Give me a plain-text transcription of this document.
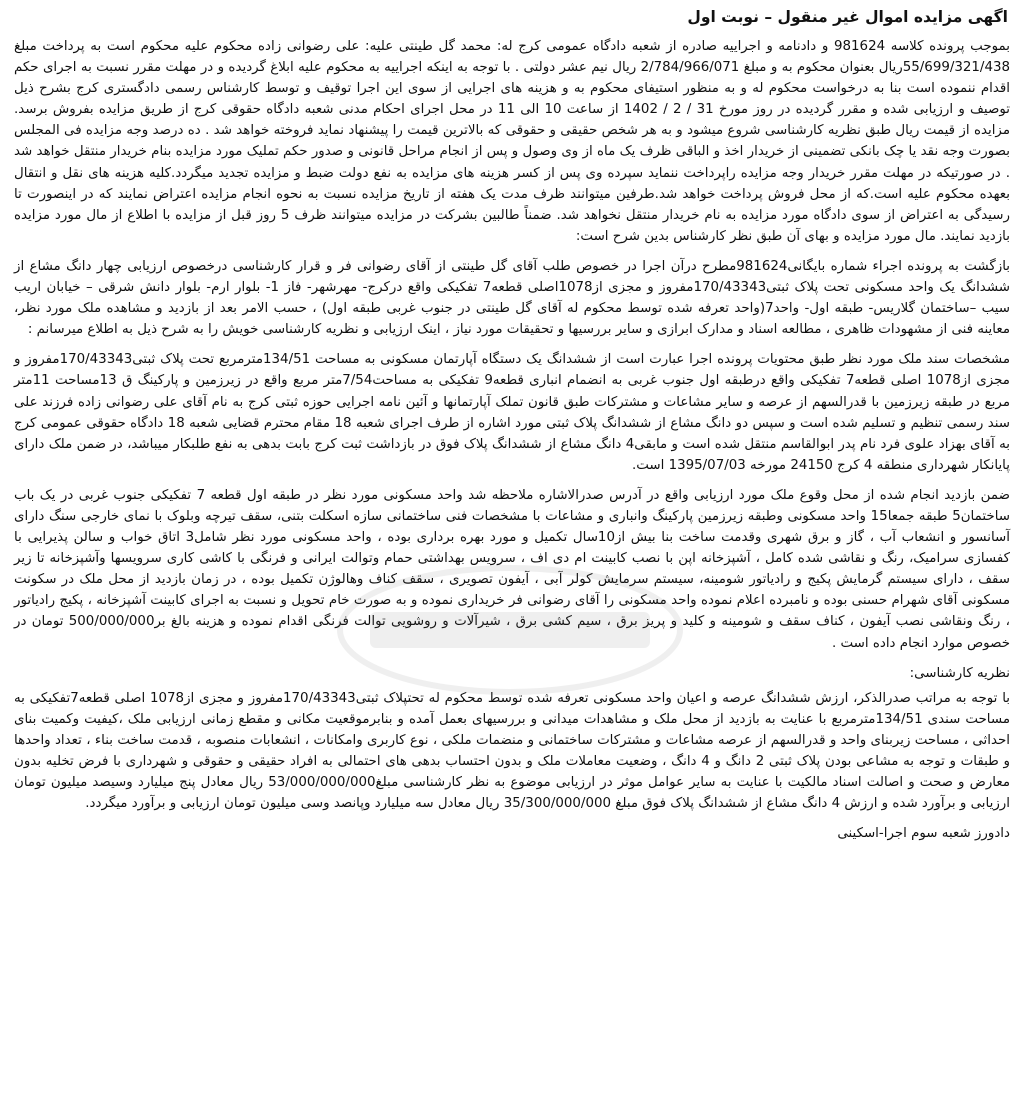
اگهی مزایده اموال غیر منقول – نوبت اول

بموجب پرونده کلاسه 981624 و دادنامه و اجراییه صادره از شعبه دادگاه عمومی کرج له: محمد گل طینتی علیه: علی رضوانی زاده محکوم علیه محکوم است به پرداخت مبلغ 55/699/321/438ریال بعنوان محکوم به و مبلغ 2/784/966/071 ریال نیم عشر دولتی . با توجه به اینکه اجراییه به محکوم علیه ابلاغ گردیده و در مهلت مقرر نسبت به اجرای حکم اقدام ننموده است بنا به درخواست محکوم له و به منظور استیفای محکوم به و هزینه های اجرایی از سوی این اجرا توقیف و توسط کارشناس رسمی دادگستری کرج بشرح ذیل توصیف و ارزیابی شده و مقرر گردیده در روز مورخ 31 / 2 / 1402 از ساعت 10 الی 11 در محل اجرای احکام مدنی شعبه دادگاه حقوقی کرج از طریق مزایده بفروش برسد. مزایده از قیمت ریال طبق نظریه کارشناسی شروع میشود و به هر شخص حقیقی و حقوقی که بالاترین قیمت را پیشنهاد نماید فروخته خواهد شد . ده درصد وجه مزایده فی المجلس بصورت وجه نقد یا چک بانکی تضمینی از خریدار اخذ و الباقی ظرف یک ماه از وی وصول و پس از انجام مراحل قانونی و صدور حکم تملیک مورد مزایده بنام خریدار منتقل خواهد شد . در صورتیکه در مهلت مقرر خریدار وجه مزایده راپرداخت ننماید سپرده وی پس از کسر هزینه های مزایده به نفع دولت ضبط و مزایده تجدید میگردد.کلیه هزینه های نقل و انتقال بعهده محکوم علیه است.که از محل فروش پرداخت خواهد شد.طرفین میتوانند ظرف مدت یک هفته از تاریخ مزایده نسبت به نحوه انجام مزایده اعتراض نمایند که در اینصورت تا رسیدگی به اعتراض از سوی دادگاه مورد مزایده به نام خریدار منتقل نخواهد شد. ضمناً طالبین بشرکت در مزایده میتوانند ظرف 5 روز قبل از مزایده با اطلاع از مال مورد مزایده بازدید نمایند. مال مورد مزایده و بهای آن طبق نظر کارشناس بدین شرح است:

بازگشت به پرونده اجراء شماره بایگانی981624مطرح درآن اجرا در خصوص طلب آقای گل طینتی از آقای رضوانی فر و قرار کارشناسی درخصوص ارزیابی چهار دانگ مشاع از ششدانگ یک واحد مسکونی تحت پلاک ثبتی170/43343مفروز و مجزی از1078اصلی قطعه7 تفکیکی واقع درکرج- مهرشهر- فاز 1- بلوار ارم- بلوار دانش شرقی – خیابان اریب سیب –ساختمان گلاریس- طبقه اول- واحد7(واحد تعرفه شده توسط محکوم له آقای گل طینتی در جنوب غربی طبقه اول) ، حسب الامر بعد از بازدید و مشاهده ملک مورد نظر، معاینه فنی از مشهودات ظاهری ، مطالعه اسناد و مدارک ابرازی و سایر بررسیها و تحقیقات مورد نیاز ، اینک ارزیابی و نظریه کارشناسی خویش را به شرح ذیل به اطلاع میرسانم :

مشخصات سند ملک مورد نظر طبق محتویات پرونده اجرا عبارت است از ششدانگ یک دستگاه آپارتمان مسکونی به مساحت 134/51مترمربع تحت پلاک ثبتی170/43343مفروز و مجزی از1078 اصلی قطعه7 تفکیکی واقع درطبقه اول جنوب غربی به انضمام انباری قطعه9 تفکیکی به مساحت7/54متر مربع واقع در زیرزمین و پارکینگ ق 13مساحت 11متر مربع در طبقه زیرزمین با قدرالسهم از عرصه و سایر مشاعات و مشترکات طبق قانون تملک آپارتمانها و آئین نامه اجرایی حوزه ثبتی کرج به نام آقای علی رضوانی زاده فرزند علی سند رسمی تنظیم و تسلیم شده است و سپس دو دانگ مشاع از ششدانگ پلاک ثبتی مورد اشاره از طرف اجرای شعبه 18 مقام محترم قضایی شعبه 18 دادگاه حقوقی عمومی کرج به آقای بهزاد علوی فرد نام پدر ابوالقاسم منتقل شده است و مابقی4 دانگ مشاع از ششدانگ پلاک فوق در بازداشت ثبت کرج بابت بدهی به نفع طلبکار میباشد، در ضمن ملک دارای پایانکار شهرداری منطقه 4 کرج 24150 مورخه 1395/07/03 است.

ضمن بازدید انجام شده از محل وقوع ملک مورد ارزیابی واقع در آدرس صدرالاشاره ملاحظه شد واحد مسکونی مورد نظر در طبقه اول قطعه 7 تفکیکی جنوب غربی در یک باب ساختمان5 طبقه جمعا15 واحد مسکونی وطبقه زیرزمین پارکینگ وانباری و مشاعات با مشخصات فنی ساختمانی سازه اسکلت بتنی، سقف تیرچه وبلوک با نمای خارجی سنگ دارای آسانسور و انشعاب آب ، گاز و برق شهری وقدمت ساخت بنا بیش از10سال تکمیل و مورد بهره برداری بوده ، واحد مسکونی مورد نظر شامل3 اتاق خواب و سالن پذیرایی با کفسازی سرامیک، رنگ و نقاشی شده کامل ، آشپزخانه اپن با نصب کابینت ام دی اف ، سرویس بهداشتی حمام وتوالت ایرانی و فرنگی با کاشی کاری سرویسها وآشپزخانه تا زیر سقف ، دارای سیستم گرمایش پکیج و رادیاتور شومینه، سیستم سرمایش کولر آبی ، آیفون تصویری ، سقف کناف وهالوژن تکمیل بوده ، در زمان بازدید از محل ملک در سکونت مسکونی آقای شهرام حسنی بوده و نامبرده اعلام نموده واحد مسکونی را آقای رضوانی فر خریداری نموده و به صورت خام تحویل و نسبت به اجرای کابینت آشپزخانه ، پکیج رادیاتور ، رنگ ونقاشی نصب آیفون ، کناف سقف و شومینه و کلید و پریز برق ، سیم کشی برق ، شیرآلات و روشویی توالت فرنگی اقدام نموده و هزینه بالغ بر500/000/000 تومان در خصوص موارد انجام داده است .

نظریه کارشناسی:

با توجه به مراتب صدرالذکر، ارزش ششدانگ عرصه و اعیان واحد مسکونی تعرفه شده توسط محکوم له تحتپلاک ثبتی170/43343مفروز و مجزی از1078 اصلی قطعه7تفکیکی به مساحت سندی 134/51مترمربع با عنایت به بازدید از محل ملک و مشاهدات میدانی و بررسیهای بعمل آمده و بنابرموقعیت مکانی و مقطع زمانی ارزیابی ملک ،کیفیت وکمیت بنای احداثی ، مساحت زیربنای واحد و قدرالسهم از عرصه مشاعات و مشترکات ساختمانی و منضمات ملکی ، نوع کاربری وامکانات ، انشعابات منصوبه ، قدمت ساخت بناء ، تعداد واحدها و طبقات و توجه به مشاعی بودن پلاک ثبتی 2 دانگ و 4 دانگ ، وضعیت معاملات ملک و بدون احتساب بدهی های احتمالی به افراد حقیقی و حقوقی و شهرداری با فرض تخلیه بدون معارض و صحت و اصالت اسناد مالکیت با عنایت به سایر عوامل موثر در ارزیابی موضوع به نظر کارشناسی مبلغ53/000/000/000 ریال معادل پنج میلیارد وسیصد میلیون تومان ارزیابی و برآورد شده و ارزش 4 دانگ مشاع از ششدانگ پلاک فوق مبلغ 35/300/000/000 ریال معادل سه میلیارد وپانصد وسی میلیون تومان ارزیابی و برآورد میگردد.

دادورز شعبه سوم اجرا-اسکینی
